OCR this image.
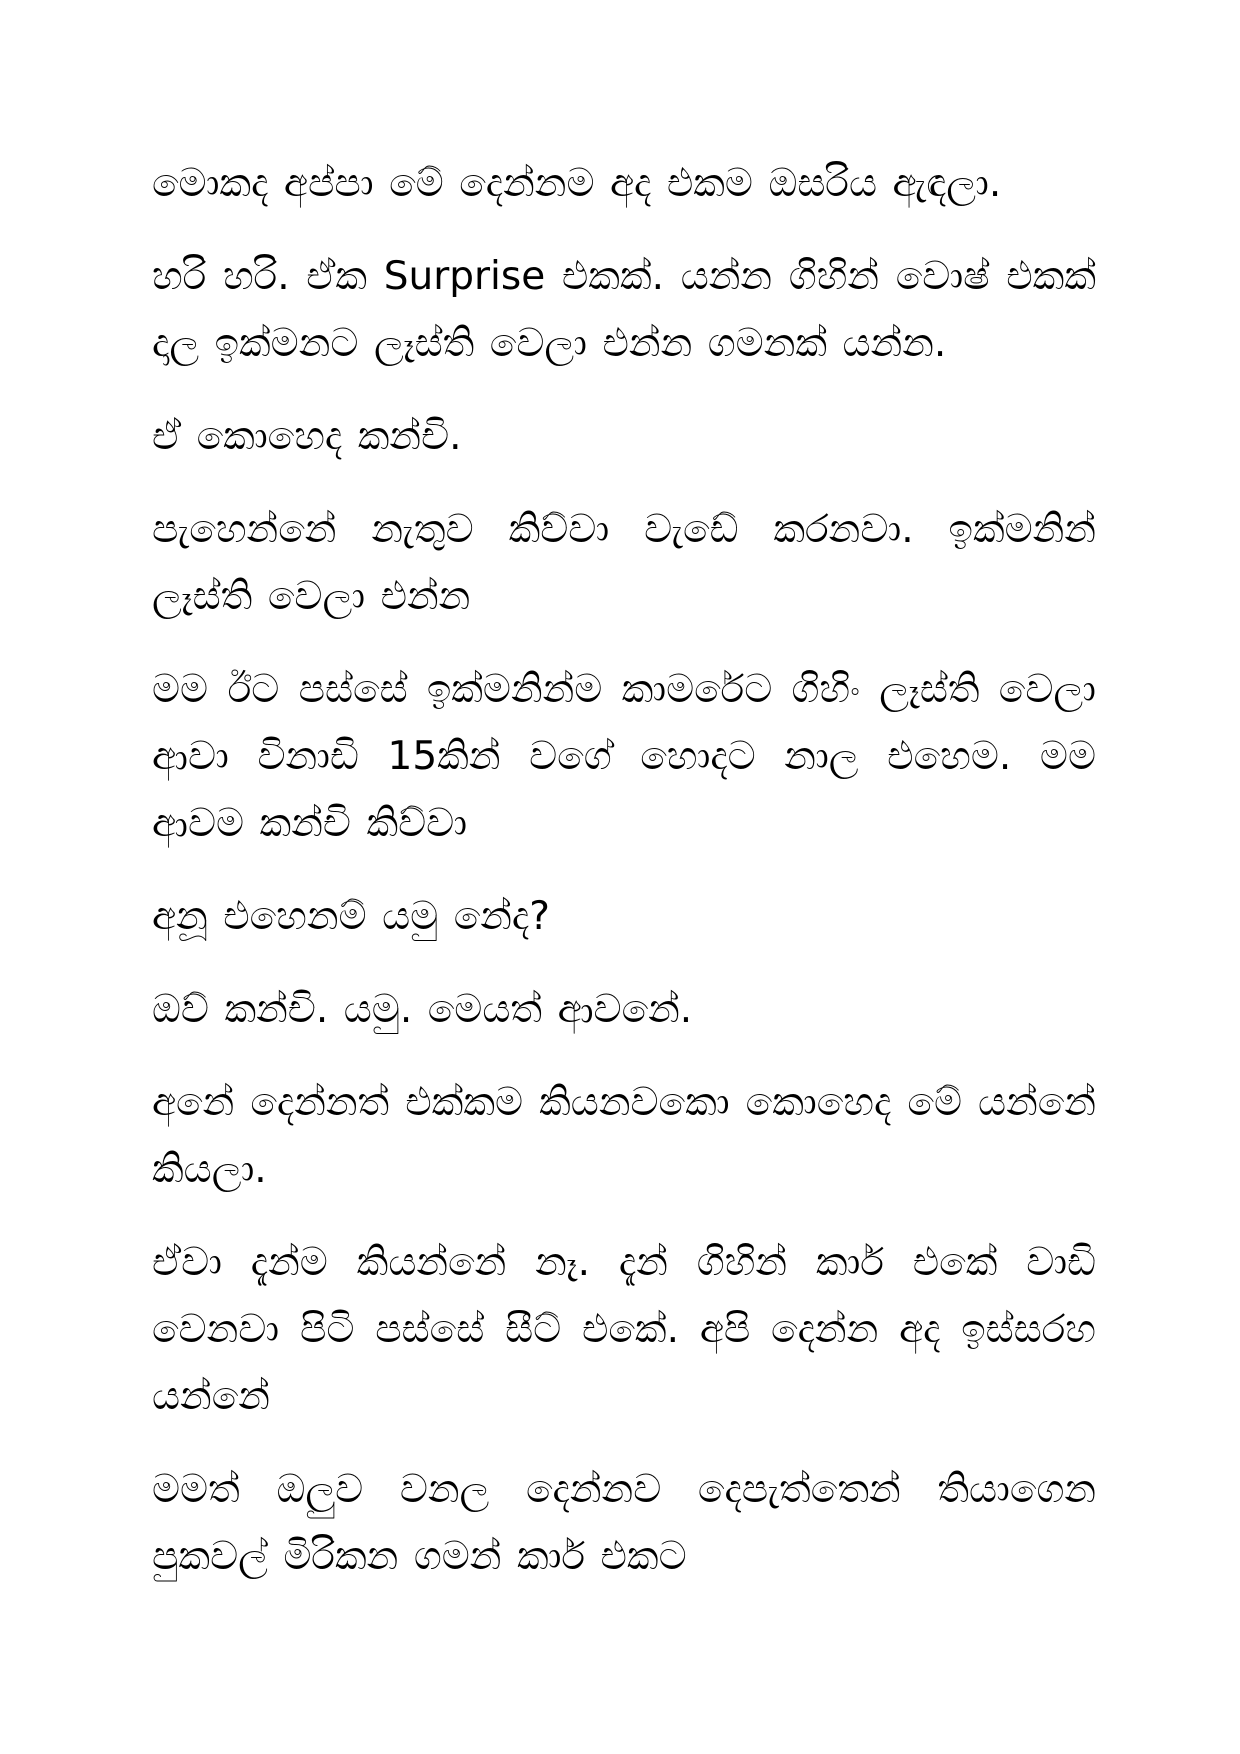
මොකද අප්පා මේ දෙන්නම අද එකම ඔසරිය ඇඳලා.

හරි හරි. ඒක Surprise එකක්. යන්න ගිහින් වොෂ් එකක් දාල ඉක්මනට ලෑස්ති වෙලා එන්න ගමනක් යන්න.

ඒ කොහෙද කන්චි.

පැහෙන්නේ නැතුව කිව්වා වැඩේ කරනවා. ඉක්මනින් ලෑස්ති වෙලා එන්න

මම ඊට පස්සේ ඉක්මනින්ම කාමරේට ගිහිං ලෑස්ති වෙලා ආවා විනාඩි 15කින් වගේ හොදට නාල එහෙම. මම ආවම කන්චි කිව්වා

අනූ එහෙනම් යමු නේද?

ඔව් කන්චි. යමු. මෙයත් ආවනේ.

අනේ දෙන්නත් එක්කම කියනවකො කොහෙද මේ යන්නේ කියලා.

ඒවා දැන්ම කියන්නේ නෑ. දැන් ගිහින් කාර් එකේ වාඩි වෙනවා පිටි පස්සේ සීට් එකේ. අපි දෙන්න අද ඉස්සරහ යන්නේ

මමත් ඔලුව වනල දෙන්නව දෙපැත්තෙන් තියාගෙන පුකවල් මිරිකන ගමන් කාර් එකට
